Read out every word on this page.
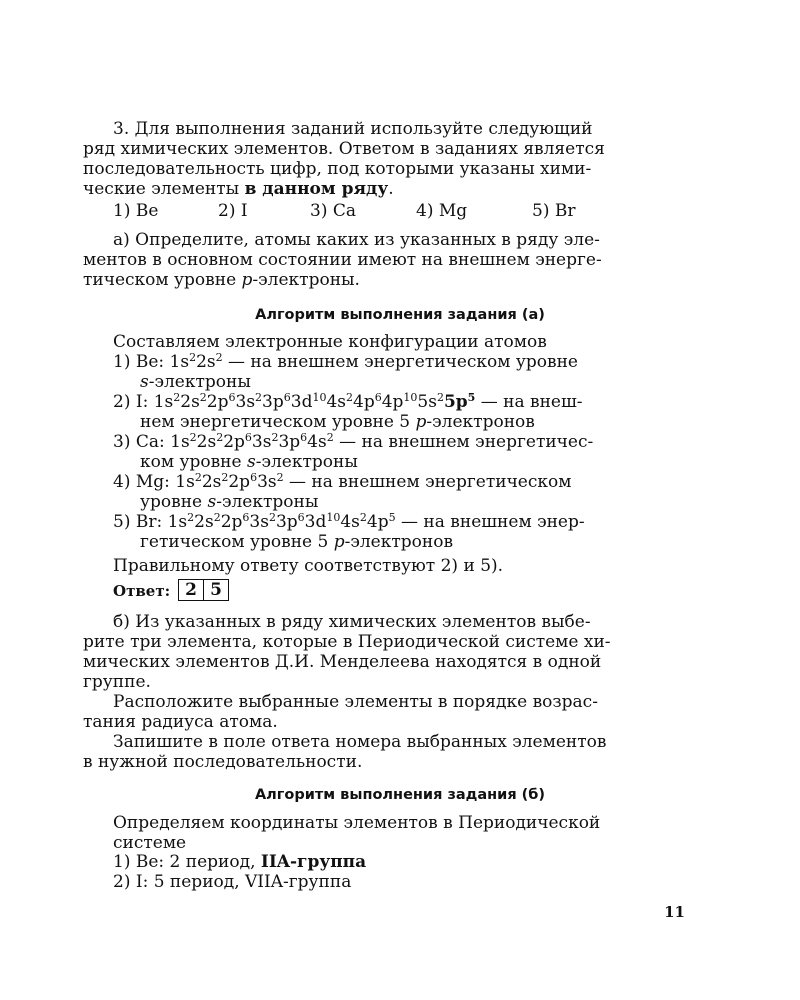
3. Для выполнения заданий используйте следующий
ряд химических элементов. Ответом в заданиях является
последовательность цифр, под которыми указаны хими-
ческие элементы в данном ряду.
1) Be	2) I	3) Ca	4) Mg	5) Br
а) Определите, атомы каких из указанных в ряду эле-
ментов в основном состоянии имеют на внешнем энерге-
тическом уровне p-электроны.
Алгоритм выполнения задания (а)
Составляем электронные конфигурации атомов
1) Be: $1s^22s^2$ — на внешнем энергетическом уровне
s-электроны
2) I: $1s^22s^22p^63s^23p^63d^{10}4s^24p^64p^{10}5s^25p^5$ — на внеш-
нем энергетическом уровне 5 p-электронов
3) Ca: $1s^22s^22p^63s^23p^64s^2$ — на внешнем энергетичес-
ком уровне s-электроны
4) Mg: $1s^22s^22p^63s^2$ — на внешнем энергетическом
уровне s-электроны
5) Br: $1s^22s^22p^63s^23p^63d^{10}4s^24p^5$ — на внешнем энер-
гетическом уровне 5 p-электронов
Правильному ответу соответствуют 2) и 5).
Ответ: 2 5
б) Из указанных в ряду химических элементов выбе-
рите три элемента, которые в Периодической системе хи-
мических элементов Д.И. Менделеева находятся в одной
группе.
Расположите выбранные элементы в порядке возрас-
тания радиуса атома.
Запишите в поле ответа номера выбранных элементов
в нужной последовательности.
Алгоритм выполнения задания (б)
Определяем координаты элементов в Периодической
системе
1) Be: 2 период, IIA-группа
2) I: 5 период, VIIA-группа
11
